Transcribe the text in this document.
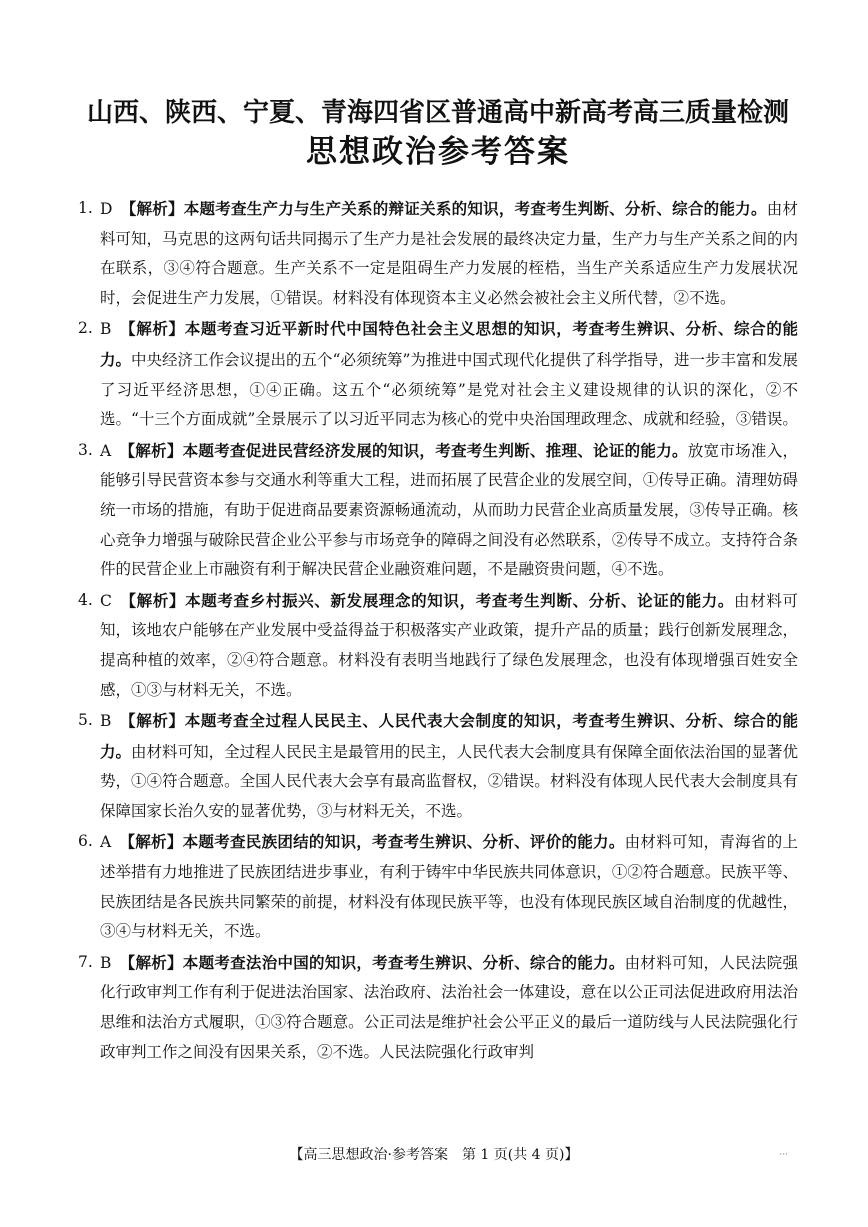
山西、陕西、宁夏、青海四省区普通高中新高考高三质量检测
思想政治参考答案
1. D 【解析】本题考查生产力与生产关系的辩证关系的知识，考查考生判断、分析、综合的能力。由材料可知，马克思的这两句话共同揭示了生产力是社会发展的最终决定力量，生产力与生产关系之间的内在联系，③④符合题意。生产关系不一定是阻碍生产力发展的桎梏，当生产关系适应生产力发展状况时，会促进生产力发展，①错误。材料没有体现资本主义必然会被社会主义所代替，②不选。
2. B 【解析】本题考查习近平新时代中国特色社会主义思想的知识，考查考生辨识、分析、综合的能力。中央经济工作会议提出的五个“必须统筹”为推进中国式现代化提供了科学指导，进一步丰富和发展了习近平经济思想，①④正确。这五个“必须统筹”是党对社会主义建设规律的认识的深化，②不选。“十三个方面成就”全景展示了以习近平同志为核心的党中央治国理政理念、成就和经验，③错误。
3. A 【解析】本题考查促进民营经济发展的知识，考查考生判断、推理、论证的能力。放宽市场准入，能够引导民营资本参与交通水利等重大工程，进而拓展了民营企业的发展空间，①传导正确。清理妨碍统一市场的措施，有助于促进商品要素资源畅通流动，从而助力民营企业高质量发展，③传导正确。核心竞争力增强与破除民营企业公平参与市场竞争的障碍之间没有必然联系，②传导不成立。支持符合条件的民营企业上市融资有利于解决民营企业融资难问题，不是融资贵问题，④不选。
4. C 【解析】本题考查乡村振兴、新发展理念的知识，考查考生判断、分析、论证的能力。由材料可知，该地农户能够在产业发展中受益得益于积极落实产业政策，提升产品的质量；践行创新发展理念，提高种植的效率，②④符合题意。材料没有表明当地践行了绿色发展理念，也没有体现增强百姓安全感，①③与材料无关，不选。
5. B 【解析】本题考查全过程人民民主、人民代表大会制度的知识，考查考生辨识、分析、综合的能力。由材料可知，全过程人民民主是最管用的民主，人民代表大会制度具有保障全面依法治国的显著优势，①④符合题意。全国人民代表大会享有最高监督权，②错误。材料没有体现人民代表大会制度具有保障国家长治久安的显著优势，③与材料无关，不选。
6. A 【解析】本题考查民族团结的知识，考查考生辨识、分析、评价的能力。由材料可知，青海省的上述举措有力地推进了民族团结进步事业，有利于铸牢中华民族共同体意识，①②符合题意。民族平等、民族团结是各民族共同繁荣的前提，材料没有体现民族平等，也没有体现民族区域自治制度的优越性，③④与材料无关，不选。
7. B 【解析】本题考查法治中国的知识，考查考生辨识、分析、综合的能力。由材料可知，人民法院强化行政审判工作有利于促进法治国家、法治政府、法治社会一体建设，意在以公正司法促进政府用法治思维和法治方式履职，①③符合题意。公正司法是维护社会公平正义的最后一道防线与人民法院强化行政审判工作之间没有因果关系，②不选。人民法院强化行政审判
【高三思想政治·参考答案　第 1 页(共 4 页)】	···
